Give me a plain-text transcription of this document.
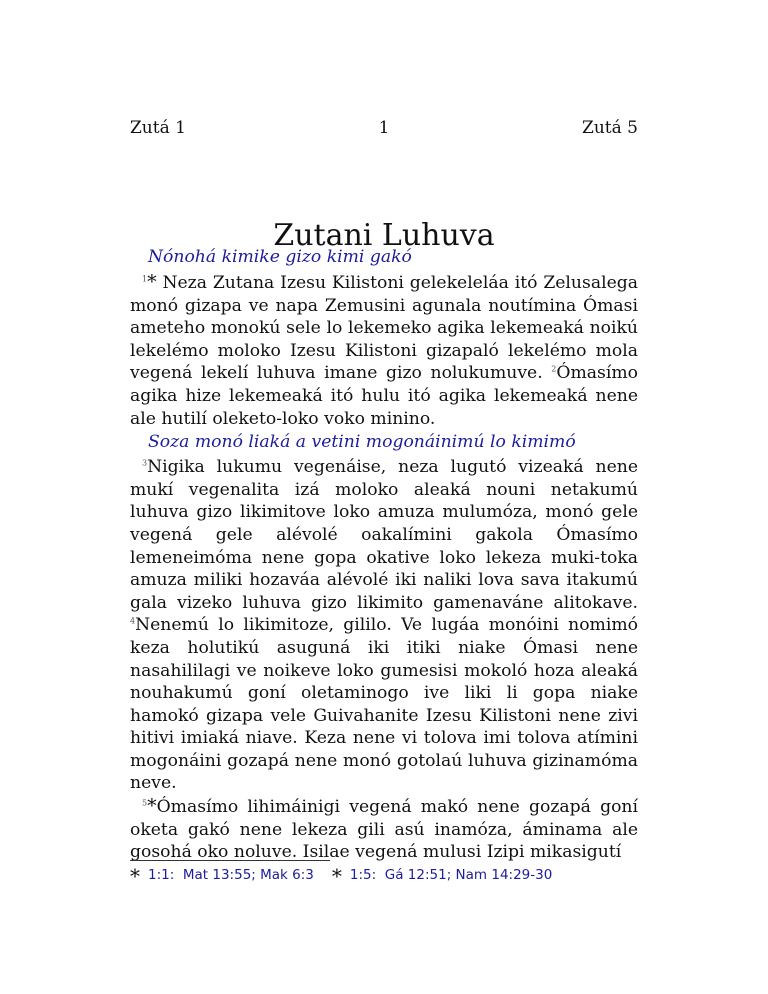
Zutá 1	1	Zutá 5
Zutani Luhuva
Nónohá kimike gizo kimi gakó

$^1$* Neza Zutana Izesu Kilistoni gelekeleláa itó Zelusalega monó gizapa ve napa Zemusini agunala noutímina Ómasi ameteho monokú sele lo lekemeko agika lekemeaká noikú lekelémo moloko Izesu Kilistoni gizapaló lekelémo mola vegená lekelí luhuva imane gizo nolukumuve. $^2$Ómasímo agika hize lekemeaká itó hulu itó agika lekemeaká nene ale hutilí oleketo-loko voko minino.

Soza monó liaká a vetini mogonáinimú lo kimimó

$^3$Nigika lukumu vegenáise, neza lugutó vizeaká nene mukí vegenalita izá moloko aleaká nouni netakumú luhuva gizo likimitove loko amuza mulumóza, monó gele vegená gele alévolé oakalímini gakola Ómasímo lemeneimóma nene gopa okative loko lekeza muki-toka amuza miliki hozaváa alévolé iki naliki lova sava itakumú gala vizeko luhuva gizo likimito gamenaváne alitokave. $^4$Nenemú lo likimitoze, gililo. Ve lugáa monóini nomimó keza holutikú asuguná iki itiki niake Ómasi nene nasahililagi ve noikeve loko gumesisi mokoló hoza aleaká nouhakumú goní oletaminogo ive liki li gopa niake hamokó gizapa vele Guivahanite Izesu Kilistoni nene zivi hitivi imiaká niave. Keza nene vi tolova imi tolova atímini mogonáini gozapá nene monó gotolaú luhuva gizinamóma neve.

$^5$*Ómasímo lihimáinigi vegená makó nene gozapá goní oketa gakó nene lekeza gili asú inamóza, áminama ale gosohá oko noluve. Isilae vegená mulusi Izipi mikasigutí

* 1:1: Mat 13:55; Mak 6:3 * 1:5: Gá 12:51; Nam 14:29-30
